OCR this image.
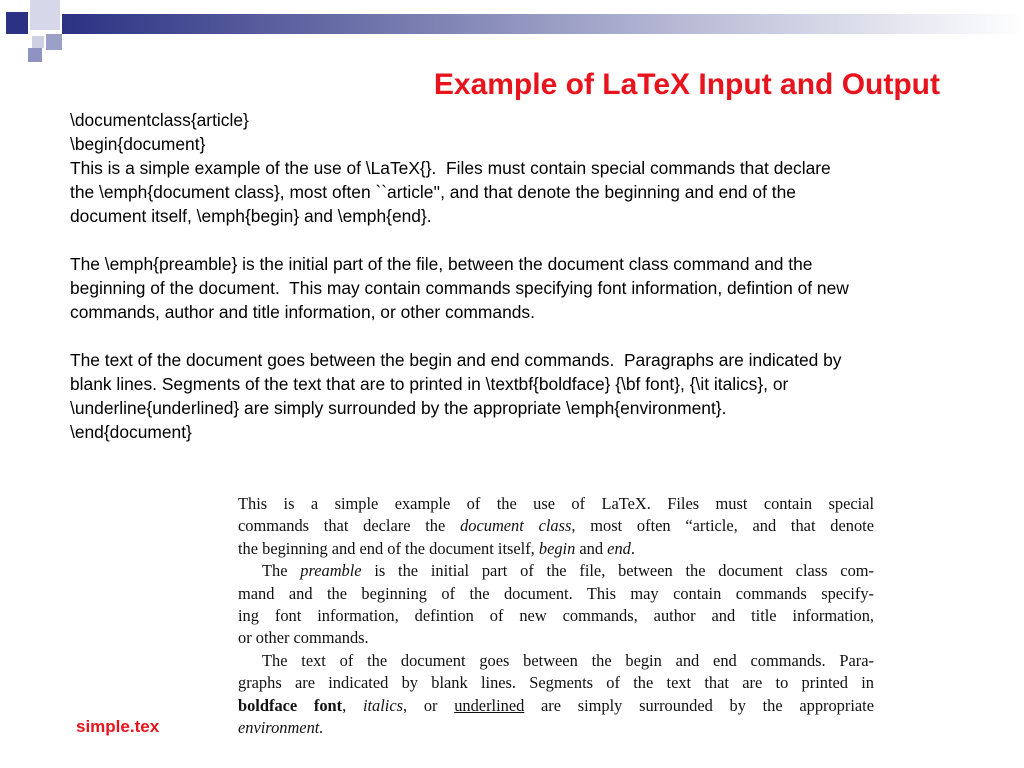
Example of LaTeX Input and Output
\documentclass{article}
\begin{document}
This is a simple example of the use of \LaTeX{}.  Files must contain special commands that declare
the \emph{document class}, most often ``article'', and that denote the beginning and end of the
document itself, \emph{begin} and \emph{end}.
The \emph{preamble} is the initial part of the file, between the document class command and the
beginning of the document.  This may contain commands specifying font information, defintion of new
commands, author and title information, or other commands.
The text of the document goes between the begin and end commands.  Paragraphs are indicated by
blank lines. Segments of the text that are to printed in \textbf{boldface} {\bf font}, {\it italics}, or
\underline{underlined} are simply surrounded by the appropriate \emph{environment}.
\end{document}
This is a simple example of the use of LaTeX. Files must contain special
commands that declare the document class, most often “article, and that denote
the beginning and end of the document itself, begin and end.
The preamble is the initial part of the file, between the document class com-
mand and the beginning of the document. This may contain commands specify-
ing font information, defintion of new commands, author and title information,
or other commands.
The text of the document goes between the begin and end commands. Para-
graphs are indicated by blank lines. Segments of the text that are to printed in
boldface font, italics, or underlined are simply surrounded by the appropriate
environment.
simple.tex
